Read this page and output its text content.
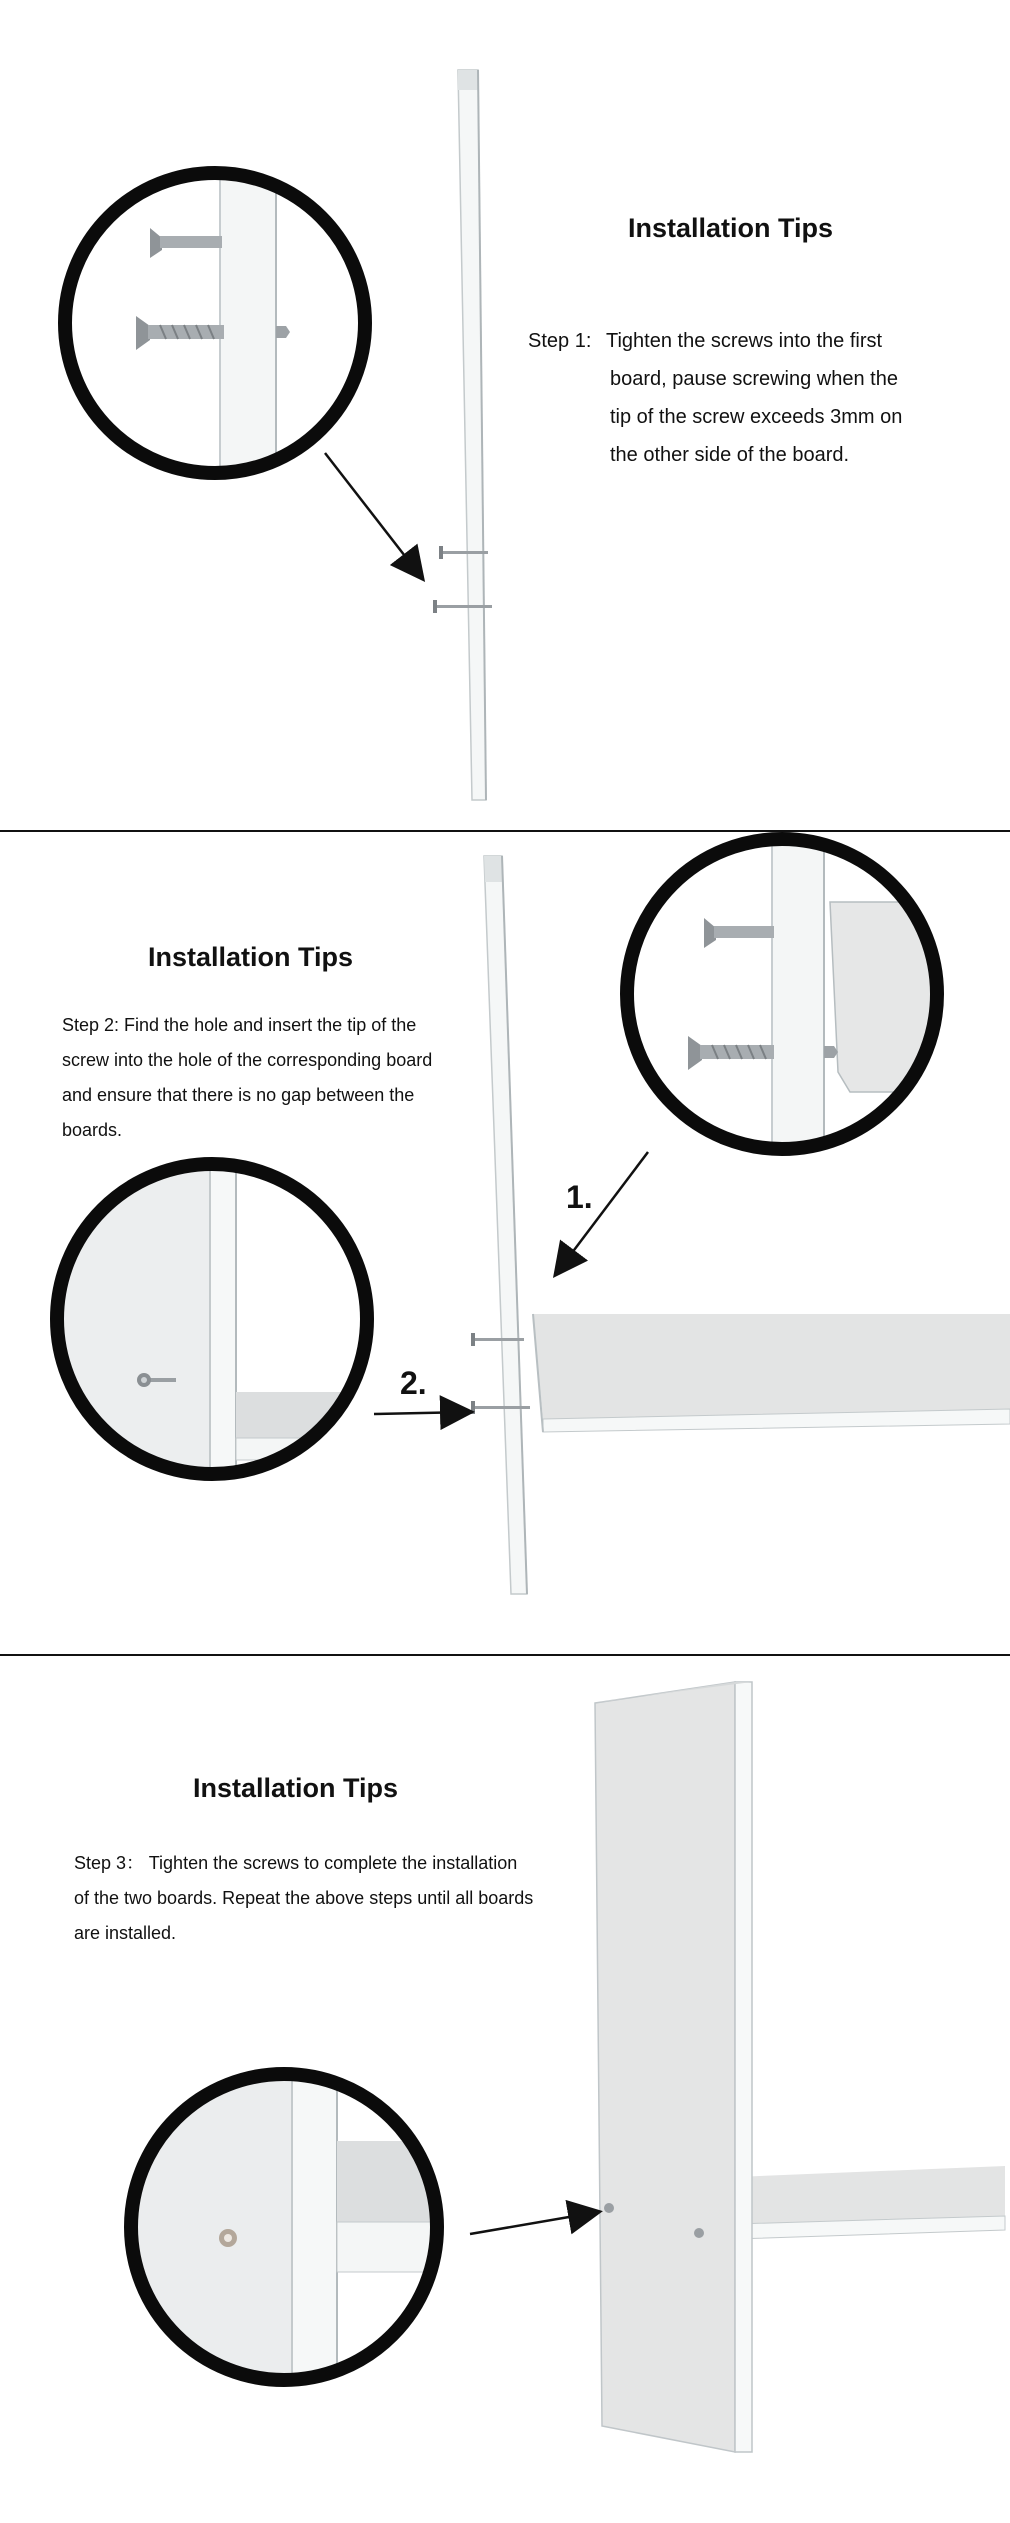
Installation Tips
Step 1: Tighten the screws into the first
board, pause screwing when the
tip of the screw exceeds 3mm on
the other side of the board.
1.
2.
Installation Tips
Step 2: Find the hole and insert the tip of the
screw into the hole of the corresponding board
and ensure that there is no gap between the
boards.
Installation Tips
Step 3： Tighten the screws to complete the installation
of the two boards. Repeat the above steps until all boards
are installed.
